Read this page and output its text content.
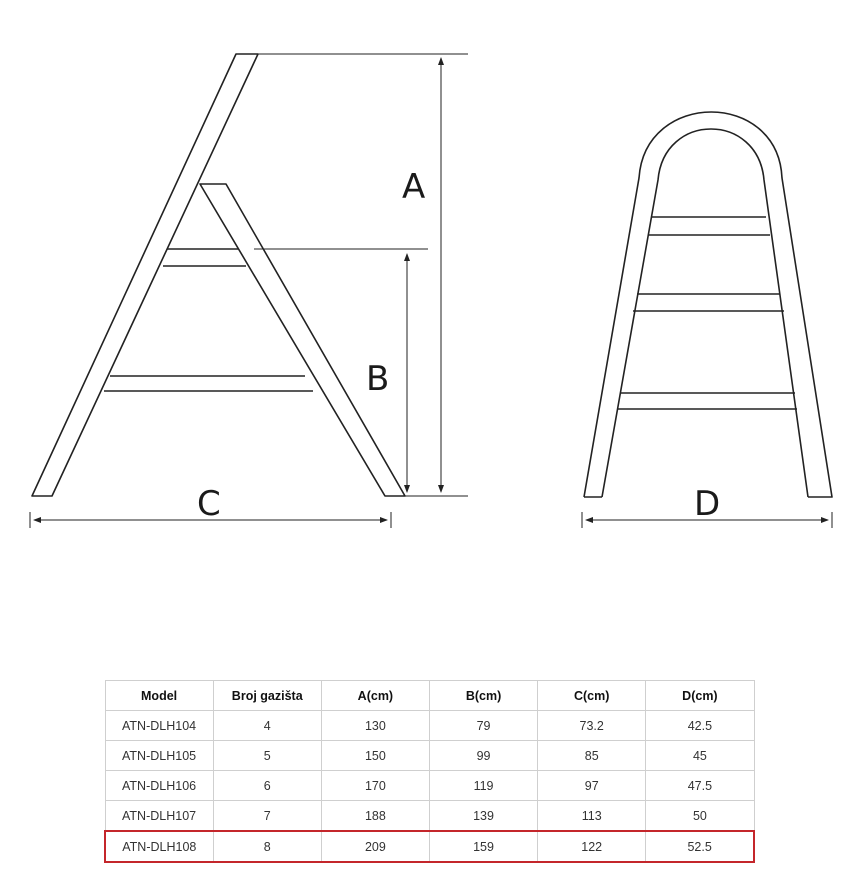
A
B
C	D
Model	Broj gazišta	A(cm)	B(cm)	C(cm)	D(cm)
ATN-DLH104	4	130	79	73.2	42.5
ATN-DLH105	5	150	99	85	45
ATN-DLH106	6	170	119	97	47.5
ATN-DLH107	7	188	139	113	50
ATN-DLH108	8	209	159	122	52.5
